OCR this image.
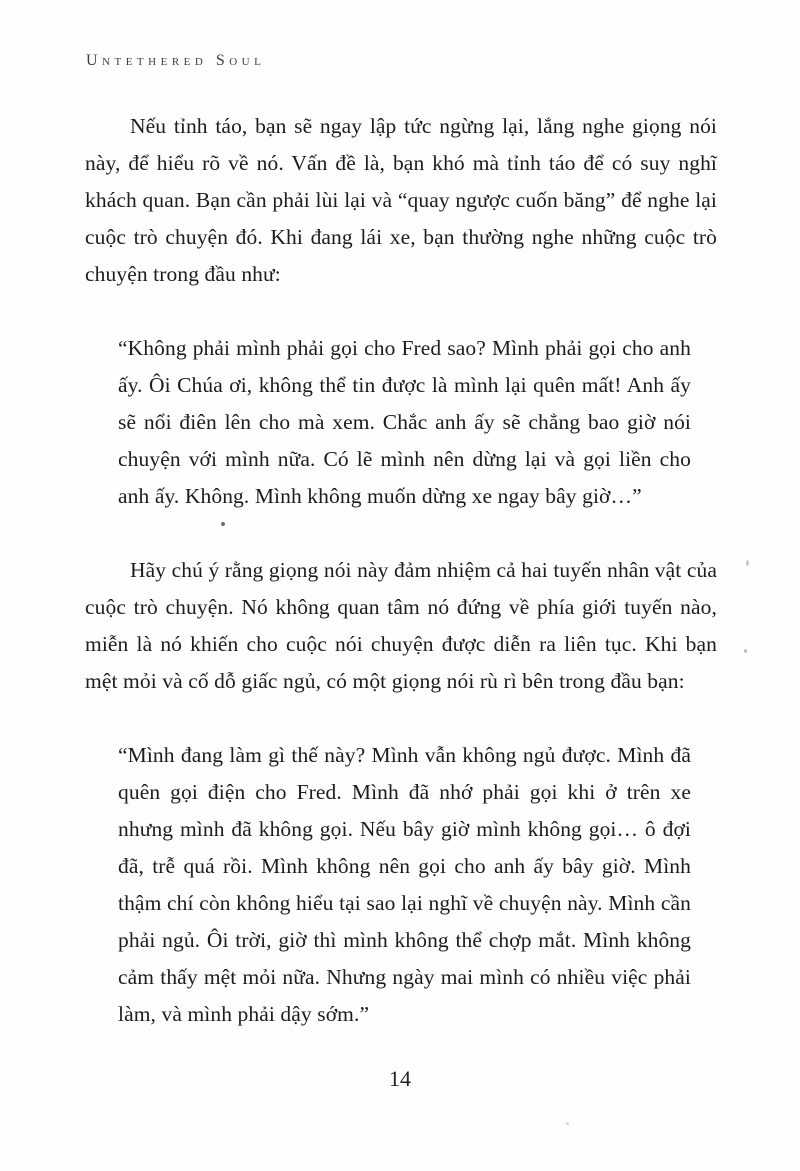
Untethered Soul

Nếu tỉnh táo, bạn sẽ ngay lập tức ngừng lại, lắng nghe giọng nói này, để hiểu rõ về nó. Vấn đề là, bạn khó mà tỉnh táo để có suy nghĩ khách quan. Bạn cần phải lùi lại và “quay ngược cuốn băng” để nghe lại cuộc trò chuyện đó. Khi đang lái xe, bạn thường nghe những cuộc trò chuyện trong đầu như:

“Không phải mình phải gọi cho Fred sao? Mình phải gọi cho anh ấy. Ôi Chúa ơi, không thể tin được là mình lại quên mất! Anh ấy sẽ nổi điên lên cho mà xem. Chắc anh ấy sẽ chẳng bao giờ nói chuyện với mình nữa. Có lẽ mình nên dừng lại và gọi liền cho anh ấy. Không. Mình không muốn dừng xe ngay bây giờ…”

Hãy chú ý rằng giọng nói này đảm nhiệm cả hai tuyến nhân vật của cuộc trò chuyện. Nó không quan tâm nó đứng về phía giới tuyến nào, miễn là nó khiến cho cuộc nói chuyện được diễn ra liên tục. Khi bạn mệt mỏi và cố dỗ giấc ngủ, có một giọng nói rù rì bên trong đầu bạn:

“Mình đang làm gì thế này? Mình vẫn không ngủ được. Mình đã quên gọi điện cho Fred. Mình đã nhớ phải gọi khi ở trên xe nhưng mình đã không gọi. Nếu bây giờ mình không gọi… ô đợi đã, trễ quá rồi. Mình không nên gọi cho anh ấy bây giờ. Mình thậm chí còn không hiểu tại sao lại nghĩ về chuyện này. Mình cần phải ngủ. Ôi trời, giờ thì mình không thể chợp mắt. Mình không cảm thấy mệt mỏi nữa. Nhưng ngày mai mình có nhiều việc phải làm, và mình phải dậy sớm.”

14
